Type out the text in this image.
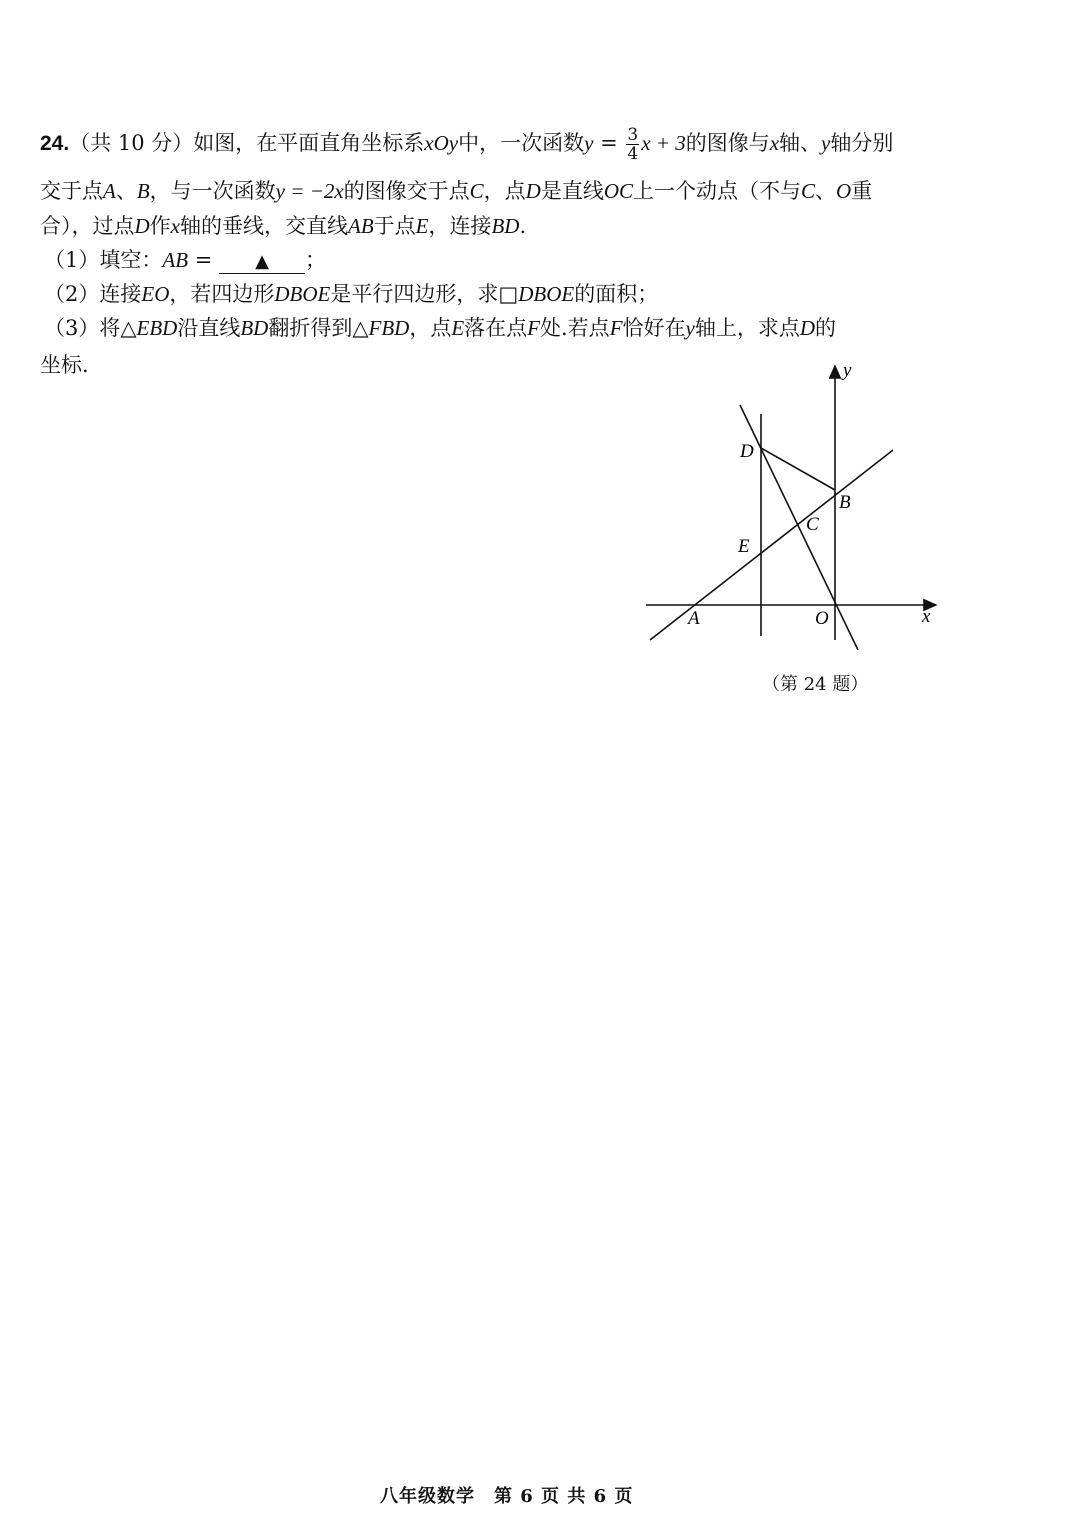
24.（共 10 分）如图，在平面直角坐标系xOy中，一次函数$y = \frac{3}{4}$ x + 3的图像与x轴、y轴分别
交于点A、B，与一次函数y = −2x的图像交于点C，点D是直线OC上一个动点（不与C、O重
合），过点D作x轴的垂线，交直线AB于点E，连接BD.
（1）填空：AB = ▲ ；
（2）连接EO，若四边形DBOE是平行四边形，求□DBOE的面积；
（3）将△EBD沿直线BD翻折得到△FBD，点E落在点F处.若点F恰好在y轴上，求点D的
坐标.	y
x
D
B
C
E
A	O
（第 24 题）
八年级数学　第 6 页 共 6 页
